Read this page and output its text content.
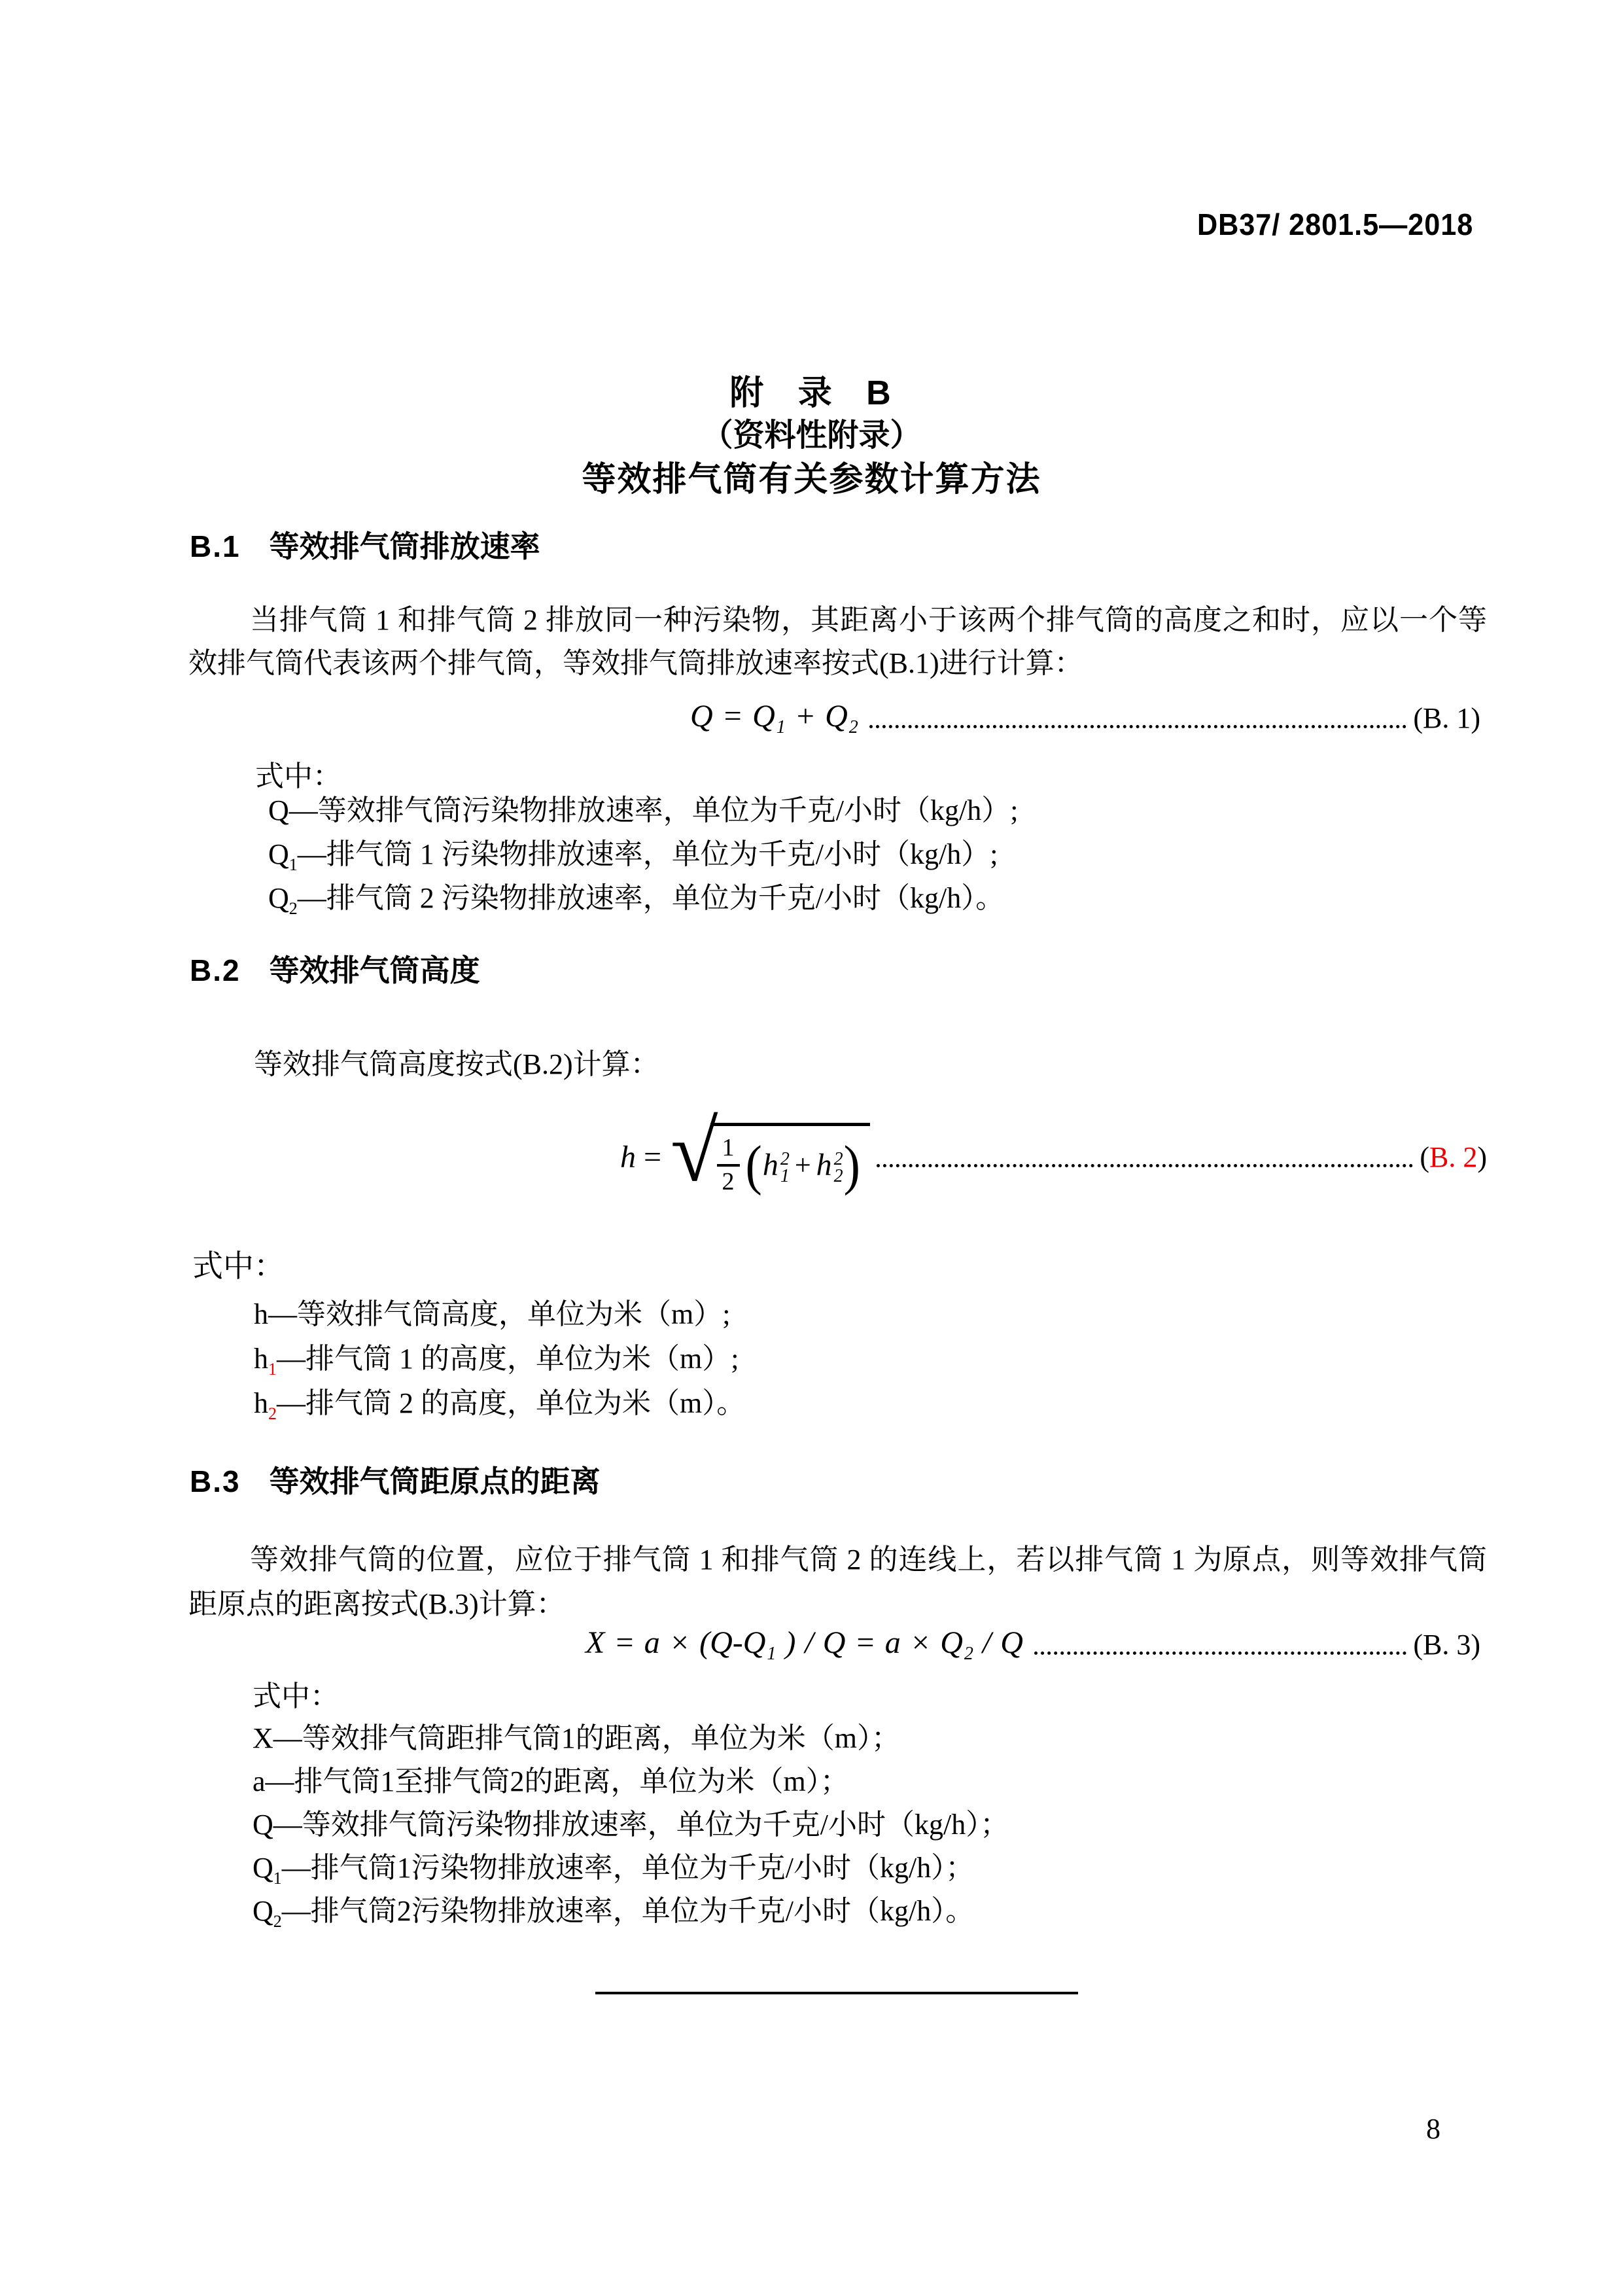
DB37/ 2801.5—2018
附 录 B
（资料性附录）
等效排气筒有关参数计算方法
B.1 等效排气筒排放速率
当排气筒 1 和排气筒 2 排放同一种污染物，其距离小于该两个排气筒的高度之和时，应以一个等效排气筒代表该两个排气筒，等效排气筒排放速率按式(B.1)进行计算：
$Q = Q_1 + Q_2$	(B. 1)
式中：
Q—等效排气筒污染物排放速率，单位为千克/小时（kg/h）;
$Q_1—$排气筒 1 污染物排放速率，单位为千克/小时（kg/h）;
$Q_2—$排气筒 2 污染物排放速率，单位为千克/小时（kg/h）。
B.2 等效排气筒高度
等效排气筒高度按式(B.2)计算：
h = √
$\frac{1}{2}$ ( h 2
1 + h 2
2 )	(B. 2)
式中：
h—等效排气筒高度，单位为米（m）;
$h_1—$排气筒 1 的高度，单位为米（m）;
$h_2—$排气筒 2 的高度，单位为米（m）。
B.3 等效排气筒距原点的距离
等效排气筒的位置，应位于排气筒 1 和排气筒 2 的连线上，若以排气筒 1 为原点，则等效排气筒距原点的距离按式(B.3)计算：
$X = a \times (Q-Q_1$ ) / $Q = a \times Q_2 / Q$	(B. 3)
式中：
X—等效排气筒距排气筒1的距离，单位为米（m）；
a—排气筒1至排气筒2的距离，单位为米（m）；
Q—等效排气筒污染物排放速率，单位为千克/小时（kg/h）；
$Q_1—$排气筒1污染物排放速率，单位为千克/小时（kg/h）；
$Q_2—$排气筒2污染物排放速率，单位为千克/小时（kg/h）。
8
